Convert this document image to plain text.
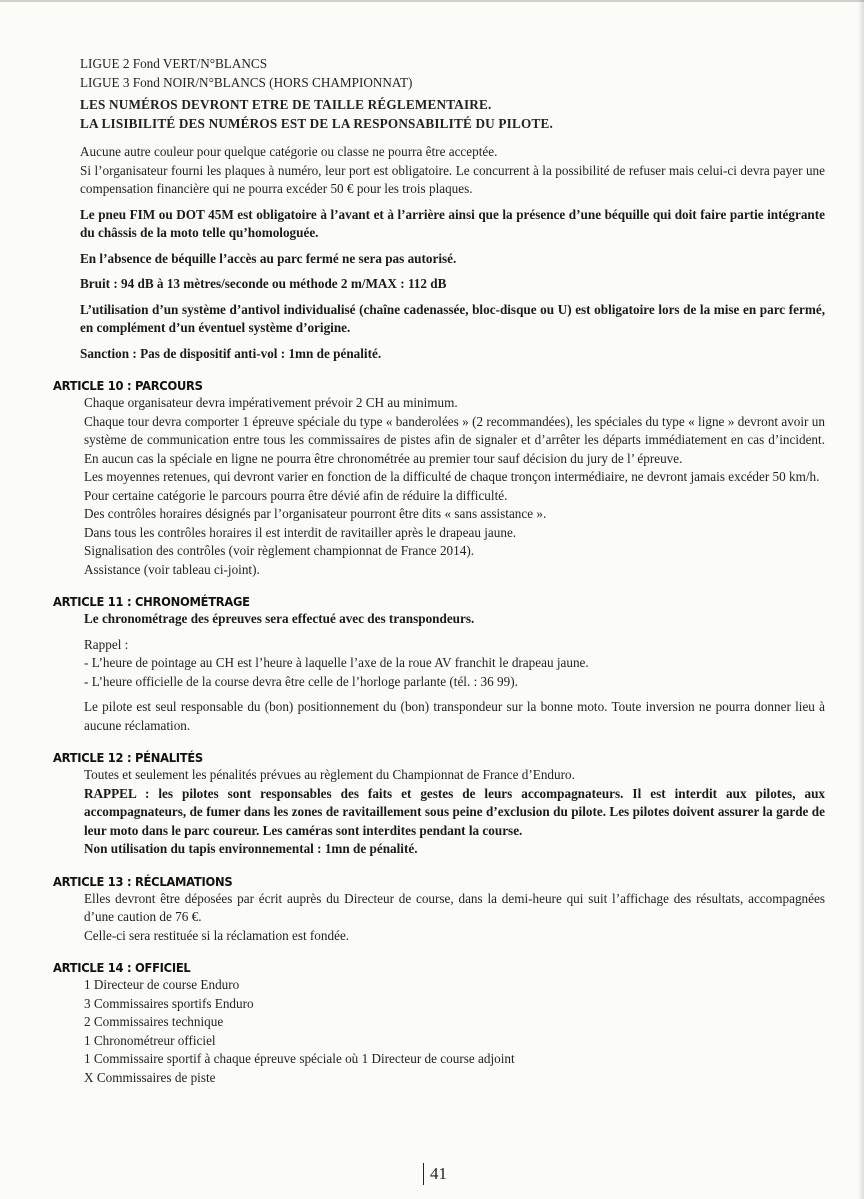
LIGUE 2 Fond VERT/N°BLANCS

LIGUE 3 Fond NOIR/N°BLANCS (HORS CHAMPIONNAT)

LES NUMÉROS DEVRONT ETRE DE TAILLE RÉGLEMENTAIRE.

LA LISIBILITÉ DES NUMÉROS EST DE LA RESPONSABILITÉ DU PILOTE.

Aucune autre couleur pour quelque catégorie ou classe ne pourra être acceptée.

Si l’organisateur fourni les plaques à numéro, leur port est obligatoire. Le concurrent à la possibilité de refuser mais celui-ci devra payer une compensation financière qui ne pourra excéder 50 € pour les trois plaques.

Le pneu FIM ou DOT 45M est obligatoire à l’avant et à l’arrière ainsi que la présence d’une béquille qui doit faire partie intégrante du châssis de la moto telle qu’homologuée.

En l’absence de béquille l’accès au parc fermé ne sera pas autorisé.

Bruit : 94 dB à 13 mètres/seconde ou méthode 2 m/MAX : 112 dB

L’utilisation d’un système d’antivol individualisé (chaîne cadenassée, bloc-disque ou U) est obligatoire lors de la mise en parc fermé, en complément d’un éventuel système d’origine.

Sanction : Pas de dispositif anti-vol : 1mn de pénalité.

ARTICLE 10 : PARCOURS

Chaque organisateur devra impérativement prévoir 2 CH au minimum.

Chaque tour devra comporter 1 épreuve spéciale du type « banderolées » (2 recommandées), les spéciales du type « ligne » devront avoir un système de communication entre tous les commissaires de pistes afin de signaler et d’arrêter les départs immédiatement en cas d’incident. En aucun cas la spéciale en ligne ne pourra être chronométrée au premier tour sauf décision du jury de l’ épreuve.

Les moyennes retenues, qui devront varier en fonction de la difficulté de chaque tronçon intermédiaire, ne devront jamais excéder 50 km/h.

Pour certaine catégorie le parcours pourra être dévié afin de réduire la difficulté.

Des contrôles horaires désignés par l’organisateur pourront être dits « sans assistance ».

Dans tous les contrôles horaires il est interdit de ravitailler après le drapeau jaune.

Signalisation des contrôles (voir règlement championnat de France 2014).

Assistance (voir tableau ci-joint).

ARTICLE 11 : CHRONOMÉTRAGE

Le chronométrage des épreuves sera effectué avec des transpondeurs.

Rappel :

- L’heure de pointage au CH est l’heure à laquelle l’axe de la roue AV franchit le drapeau jaune.

- L’heure officielle de la course devra être celle de l’horloge parlante (tél. : 36 99).

Le pilote est seul responsable du (bon) positionnement du (bon) transpondeur sur la bonne moto. Toute inversion ne pourra donner lieu à aucune réclamation.

ARTICLE 12 : PÉNALITÉS

Toutes et seulement les pénalités prévues au règlement du Championnat de France d’Enduro.

RAPPEL : les pilotes sont responsables des faits et gestes de leurs accompagnateurs. Il est interdit aux pilotes, aux accompagnateurs, de fumer dans les zones de ravitaillement sous peine d’exclusion du pilote. Les pilotes doivent assurer la garde de leur moto dans le parc coureur. Les caméras sont interdites pendant la course.

Non utilisation du tapis environnemental : 1mn de pénalité.

ARTICLE 13 : RÉCLAMATIONS

Elles devront être déposées par écrit auprès du Directeur de course, dans la demi-heure qui suit l’affichage des résultats, accompagnées d’une caution de 76 €.

Celle-ci sera restituée si la réclamation est fondée.

ARTICLE 14 : OFFICIEL

1 Directeur de course Enduro

3 Commissaires sportifs Enduro

2 Commissaires technique

1 Chronométreur officiel

1 Commissaire sportif à chaque épreuve spéciale où 1 Directeur de course adjoint

X Commissaires de piste

41
